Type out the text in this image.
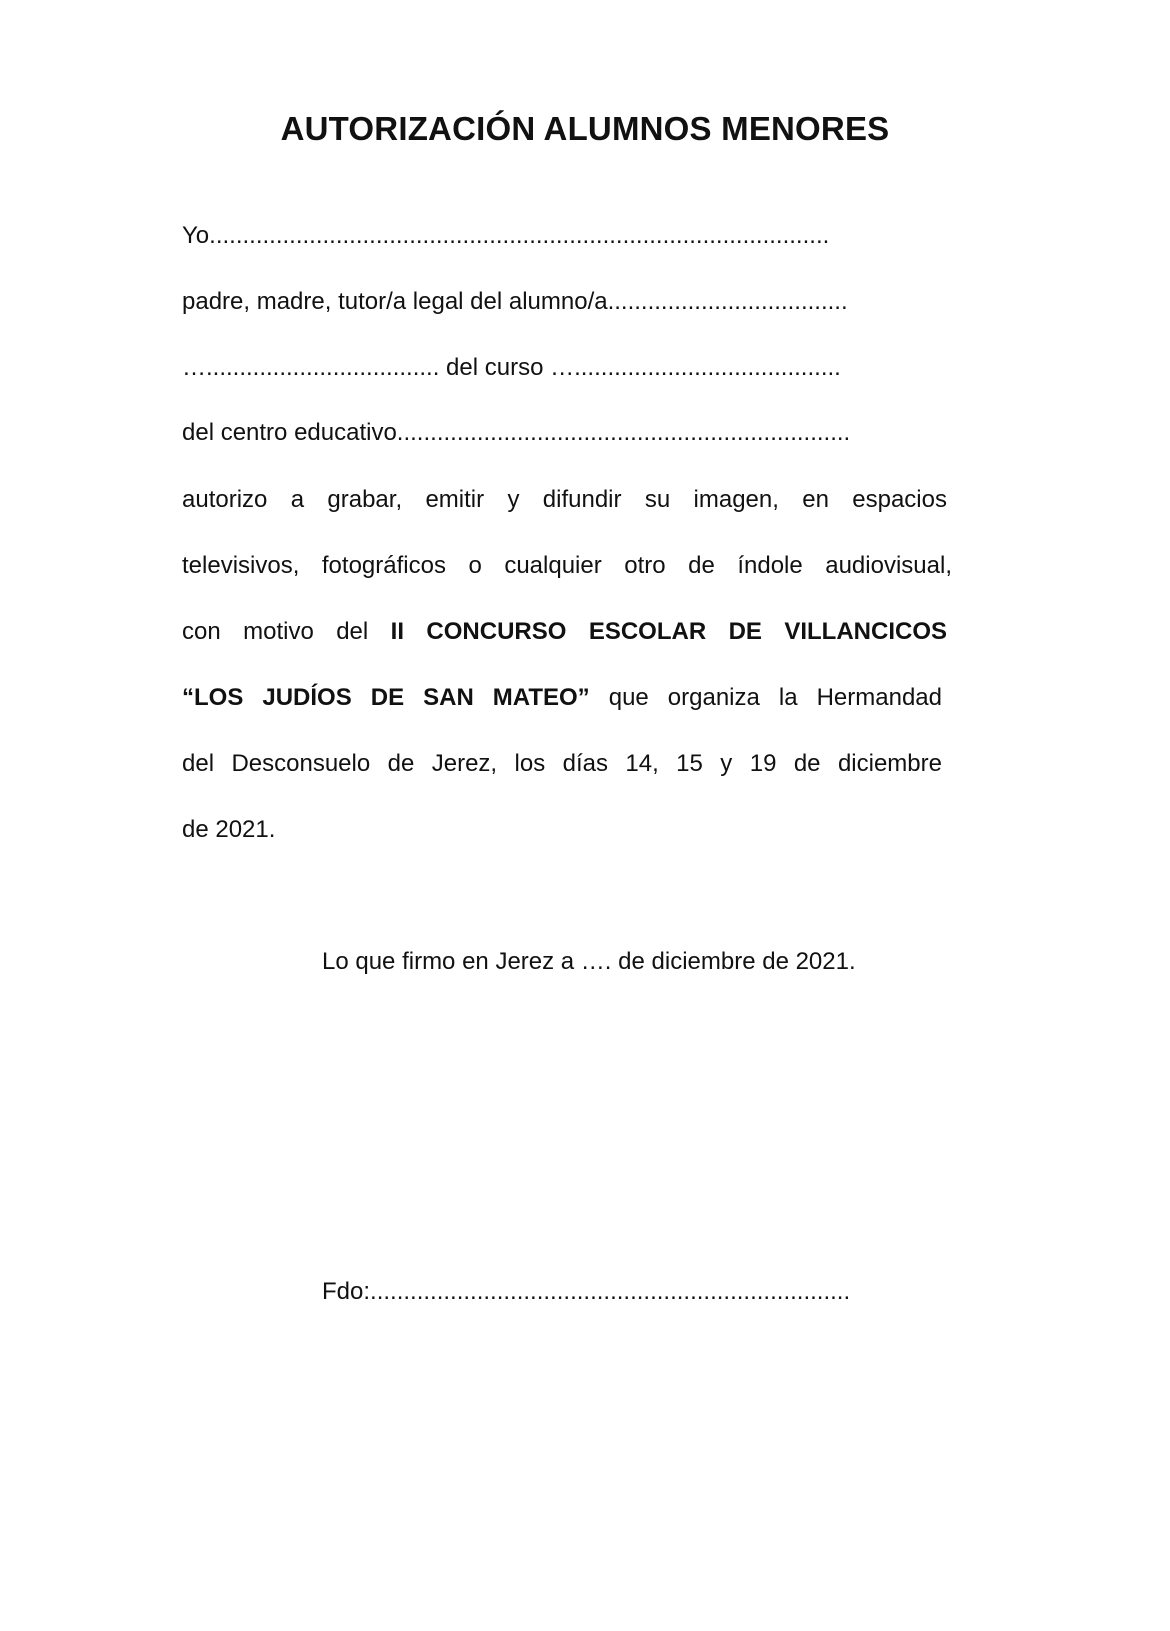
AUTORIZACIÓN ALUMNOS MENORES

Yo.............................................................................................

padre, madre, tutor/a legal del alumno/a....................................

…................................... del curso …........................................

del centro educativo....................................................................

autorizo a grabar, emitir y difundir su imagen, en espacios

televisivos, fotográficos o cualquier otro de índole audiovisual,

con motivo del II CONCURSO ESCOLAR DE VILLANCICOS

“LOS JUDÍOS DE SAN MATEO” que organiza la Hermandad

del Desconsuelo de Jerez, los días 14, 15 y 19 de diciembre

de 2021.

Lo que firmo en Jerez a …. de diciembre de 2021.

Fdo:........................................................................
